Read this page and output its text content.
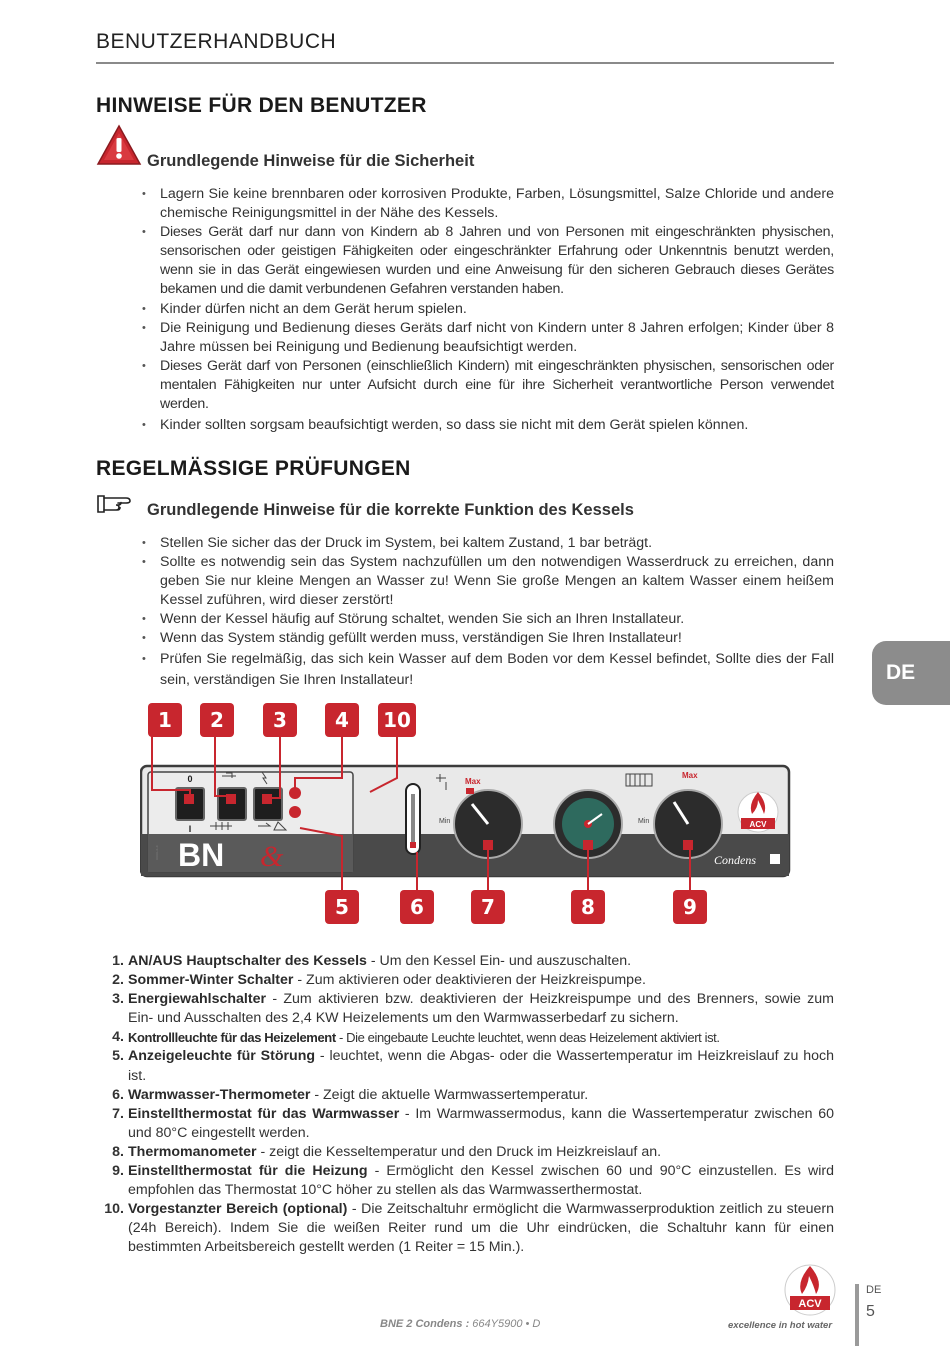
BENUTZERHANDBUCH
HINWEISE FÜR DEN BENUTZER
Grundlegende Hinweise für die Sicherheit
• Lagern Sie keine brennbaren oder korrosiven Produkte, Farben, Lösungsmittel, Salze Chloride und andere chemische Reinigungsmittel in der Nähe des Kessels.
• Dieses Gerät darf nur dann von Kindern ab 8 Jahren und von Personen mit eingeschränkten physischen, sensorischen oder geistigen Fähigkeiten oder eingeschränkter Erfahrung oder Unkenntnis benutzt werden, wenn sie in das Gerät eingewiesen wurden und eine Anweisung für den sicheren Gebrauch dieses Gerätes bekamen und die damit verbundenen Gefahren verstanden haben.
• Kinder dürfen nicht an dem Gerät herum spielen.
• Die Reinigung und Bedienung dieses Geräts darf nicht von Kindern unter 8 Jahren erfolgen; Kinder über 8 Jahre müssen bei Reinigung und Bedienung beaufsichtigt werden.
• Dieses Gerät darf von Personen (einschließlich Kindern) mit eingeschränkten physischen, sensorischen oder mentalen Fähigkeiten nur unter Aufsicht durch eine für ihre Sicherheit verantwortliche Person verwendet werden.
• Kinder sollten sorgsam beaufsichtigt werden, so dass sie nicht mit dem Gerät spielen können.
REGELMÄSSIGE PRÜFUNGEN
Grundlegende Hinweise für die korrekte Funktion des Kessels
• Stellen Sie sicher das der Druck im System, bei kaltem Zustand, 1 bar beträgt.
• Sollte es notwendig sein das System nachzufüllen um den notwendigen Wasserdruck zu erreichen, dann geben Sie nur kleine Mengen an Wasser zu! Wenn Sie große Mengen an kaltem Wasser einem heißem Kessel zuführen, wird dieser zerstört!
• Wenn der Kessel häufig auf Störung schaltet, wenden Sie sich an Ihren Installateur.
• Wenn das System ständig gefüllt werden muss, verständigen Sie Ihren Installateur!
• Prüfen Sie regelmäßig, das sich kein Wasser auf dem Boden vor dem Kessel befindet, Sollte dies der Fall sein, verständigen Sie Ihren Installateur!	DE
0
I
BN &
xxxx-x-x
Max
Min
Max
Min	ACV
Condens
1	2	3	4	10
5	6	7	8	9
1. AN/AUS Hauptschalter des Kessels - Um den Kessel Ein- und auszuschalten.
2. Sommer-Winter Schalter - Zum aktivieren oder deaktivieren der Heizkreispumpe.
3. Energiewahlschalter - Zum aktivieren bzw. deaktivieren der Heizkreispumpe und des Brenners, sowie zum Ein- und Ausschalten des 2,4 KW Heizelements um den Warmwasserbedarf zu sichern.
4. Kontrollleuchte für das Heizelement - Die eingebaute Leuchte leuchtet, wenn deas Heizelement aktiviert ist.
5. Anzeigeleuchte für Störung - leuchtet, wenn die Abgas- oder die Wassertemperatur im Heizkreislauf zu hoch ist.
6. Warmwasser-Thermometer - Zeigt die aktuelle Warmwassertemperatur.
7. Einstellthermostat für das Warmwasser - Im Warmwassermodus, kann die Wassertemperatur zwischen 60 und 80°C eingestellt werden.
8. Thermomanometer - zeigt die Kesseltemperatur und den Druck im Heizkreislauf an.
9. Einstellthermostat für die Heizung - Ermöglicht den Kessel zwischen 60 und 90°C einzustellen. Es wird empfohlen das Thermostat 10°C höher zu stellen als das Warmwasserthermostat.
10. Vorgestanzter Bereich (optional) - Die Zeitschaltuhr ermöglicht die Warmwasserproduktion zeitlich zu steuern (24h Bereich). Indem Sie die weißen Reiter rund um die Uhr eindrücken, die Schaltuhr kann für einen bestimmten Arbeitsbereich gestellt werden (1 Reiter = 15 Min.).
BNE 2 Condens : 664Y5900 • D
ACV
excellence in hot water
DE
5
